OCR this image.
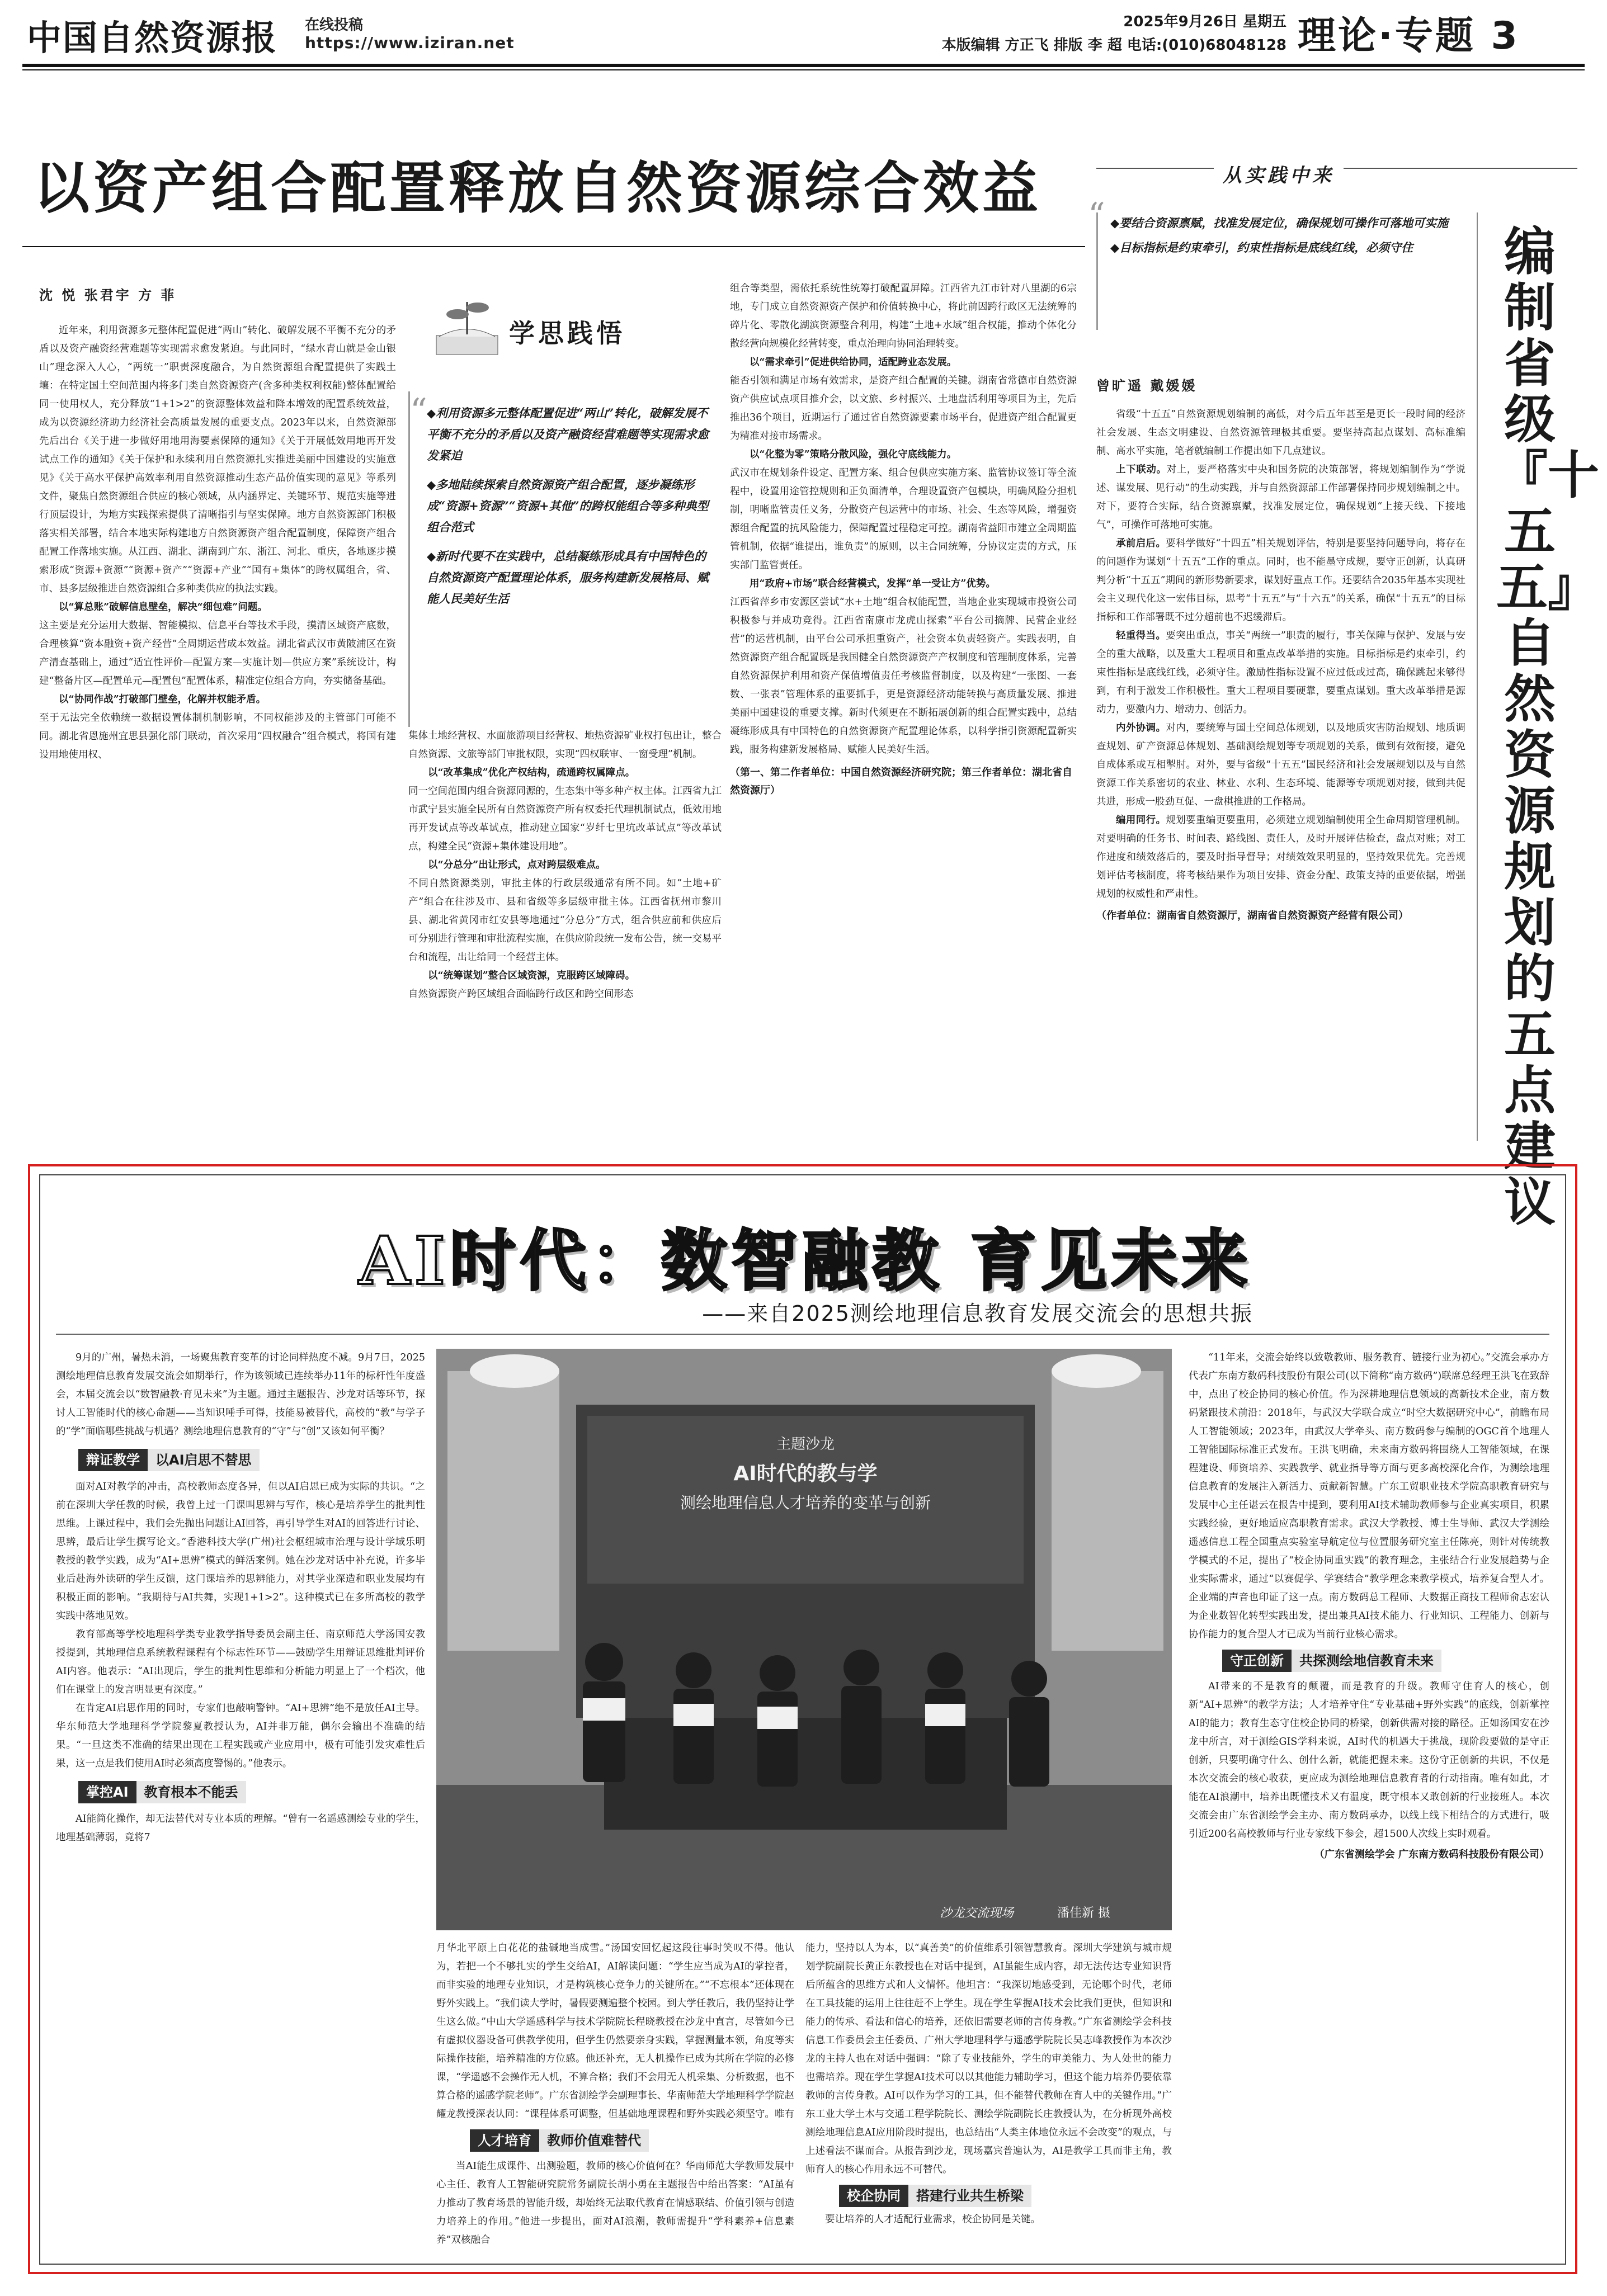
中国自然资源报 在线投稿
https://www.iziran.net
2025年9月26日 星期五
本版编辑 方正飞 排版 李 超 电话:(010)68048128 理论·专题 3
以资产组合配置释放自然资源综合效益
沈 悦 张君宇 方 菲
近年来，利用资源多元整体配置促进“两山”转化、破解发展不平衡不充分的矛盾以及资产融资经营难题等实现需求愈发紧迫。与此同时，“绿水青山就是金山银山”理念深入人心，“两统一”职责深度融合，为自然资源组合配置提供了实践土壤：在特定国土空间范围内将多门类自然资源资产(含多种类权利权能)整体配置给同一使用权人，充分释放“1+1>2”的资源整体效益和降本增效的配置系统效益，成为以资源经济助力经济社会高质量发展的重要支点。2023年以来，自然资源部先后出台《关于进一步做好用地用海要素保障的通知》《关于开展低效用地再开发试点工作的通知》《关于保护和永续利用自然资源扎实推进美丽中国建设的实施意见》《关于高水平保护高效率利用自然资源推动生态产品价值实现的意见》等系列文件，聚焦自然资源组合供应的核心领域，从内涵界定、关键环节、规范实施等进行顶层设计，为地方实践探索提供了清晰指引与坚实保障。地方自然资源部门积极落实相关部署，结合本地实际构建地方自然资源资产组合配置制度，保障资产组合配置工作落地实施。从江西、湖北、湖南到广东、浙江、河北、重庆，各地逐步摸索形成“资源+资源”“资源+资产”“资源+产业”“国有+集体”的跨权属组合，省、市、县多层级推进自然资源组合多种类供应的执法实践。
以“算总账”破解信息壁垒，解决“细包难”问题。
这主要是充分运用大数据、智能模拟、信息平台等技术手段，摸清区域资产底数，合理核算“资本融资+资产经营”全周期运营成本效益。湖北省武汉市黄陂浦区在资产清查基础上，通过“适宜性评价—配置方案—实施计划—供应方案”系统设计，构建“整备片区—配置单元—配置包”配置体系，精准定位组合方向，夯实储备基础。
以“协同作战”打破部门壁垒，化解并权能矛盾。
至于无法完全依赖统一数据设置体制机制影响，不同权能涉及的主管部门可能不同。湖北省恩施州宜思县强化部门联动，首次采用“四权融合”组合模式，将国有建设用地使用权、
学思践悟
“ ◆利用资源多元整体配置促进“两山”转化，破解发展不平衡不充分的矛盾以及资产融资经营难题等实现需求愈发紧迫
◆多地陆续探索自然资源资产组合配置，逐步凝练形成“资源+资源”“资源+其他”的跨权能组合等多种典型组合范式
◆新时代要不在实践中，总结凝练形成具有中国特色的自然资源资产配置理论体系，服务构建新发展格局、赋能人民美好生活
集体土地经营权、水面旅游项目经营权、地热资源矿业权打包出让，整合自然资源、文旅等部门审批权限，实现“四权联审、一窗受理”机制。
以“改革集成”优化产权结构，疏通跨权属障点。
同一空间范围内组合资源同源的，生态集中等多种产权主体。江西省九江市武宁县实施全民所有自然资源资产所有权委托代理机制试点，低效用地再开发试点等改革试点，推动建立国家“岁纤七里坑改革试点”等改革试点，构建全民“资源+集体建设用地”。
以“分总分”出让形式，点对跨层级难点。
不同自然资源类别，审批主体的行政层级通常有所不同。如“土地+矿产”组合在往涉及市、县和省级等多层级审批主体。江西省抚州市黎川县、湖北省黄冈市红安县等地通过“分总分”方式，组合供应前和供应后可分别进行管理和审批流程实施，在供应阶段统一发布公告，统一交易平台和流程，出让给同一个经营主体。
以“统筹谋划”整合区域资源，克服跨区域障碍。
自然资源资产跨区域组合面临跨行政区和跨空间形态
组合等类型，需依托系统性统筹打破配置屏障。江西省九江市针对八里湖的6宗地，专门成立自然资源资产保护和价值转换中心，将此前因跨行政区无法统筹的碎片化、零散化湖滨资源整合利用，构建“土地+水域”组合权能，推动个体化分散经营向规模化经营转变，重点治理向协同治理转变。
以“需求牵引”促进供给协同，适配跨业态发展。
能否引领和满足市场有效需求，是资产组合配置的关键。湖南省常德市自然资源资产供应试点项目推介会，以文旅、乡村振兴、土地盘活利用等项目为主，先后推出36个项目，近期运行了通过省自然资源要素市场平台，促进资产组合配置更为精准对接市场需求。
以“化整为零”策略分散风险，强化守底线能力。
武汉市在规划条件设定、配置方案、组合包供应实施方案、监管协议签订等全流程中，设置用途管控规则和正负面清单，合理设置资产包模块，明确风险分担机制，明晰监管责任义务，分散资产包运营中的市场、社会、生态等风险，增强资源组合配置的抗风险能力，保障配置过程稳定可控。湖南省益阳市建立全周期监管机制，依据“谁提出，谁负责”的原则，以主合同统筹，分协议定责的方式，压实部门监管责任。
用“政府+市场”联合经营模式，发挥“单一受让方”优势。
江西省萍乡市安源区尝试“水+土地”组合权能配置，当地企业实现城市投资公司积极参与并成功竞得。江西省南康市龙虎山探索“平台公司摘牌、民营企业经营”的运营机制，由平台公司承担重资产，社会资本负责轻资产。实践表明，自然资源资产组合配置既是我国健全自然资源资产产权制度和管理制度体系，完善自然资源保护利用和资产保值增值责任考核监督制度，以及构建“一张图、一套数、一张表”管理体系的重要抓手，更是资源经济动能转换与高质量发展、推进美丽中国建设的重要支撑。新时代须更在不断拓展创新的组合配置实践中，总结凝练形成具有中国特色的自然资源资产配置理论体系，以科学指引资源配置新实践，服务构建新发展格局、赋能人民美好生活。
（第一、第二作者单位：中国自然资源经济研究院；第三作者单位：湖北省自然资源厅）
从实践中来
“ ◆要结合资源禀赋，找准发展定位，确保规划可操作可落地可实施
◆目标指标是约束牵引，约束性指标是底线红线，必须守住	编制省级『十五五』自然资源规划的五点建议
曾旷遥 戴媛媛
省级“十五五”自然资源规划编制的高低，对今后五年甚至是更长一段时间的经济社会发展、生态文明建设、自然资源管理极其重要。要坚持高起点谋划、高标准编制、高水平实施，笔者就编制工作提出如下几点建议。
上下联动。对上，要严格落实中央和国务院的决策部署，将规划编制作为“学说述、谋发展、见行动”的生动实践，并与自然资源部工作部署保持同步规划编制之中。对下，要符合实际，结合资源禀赋，找准发展定位，确保规划“上接天线、下接地气”，可操作可落地可实施。
承前启后。要科学做好“十四五”相关规划评估，特别是要坚持问题导向，将存在的问题作为谋划“十五五”工作的重点。同时，也不能墨守成规，要守正创新，认真研判分析“十五五”期间的新形势新要求，谋划好重点工作。还要结合2035年基本实现社会主义现代化这一宏伟目标，思考“十五五”与“十六五”的关系，确保“十五五”的目标指标和工作部署既不过分超前也不迟缓滞后。
轻重得当。要突出重点，事关“两统一”职责的履行，事关保障与保护、发展与安全的重大战略，以及重大工程项目和重点改革举措的实施。目标指标是约束牵引，约束性指标是底线红线，必须守住。激励性指标设置不应过低或过高，确保跳起来够得到，有利于激发工作积极性。重大工程项目要硬靠，要重点谋划。重大改革举措是源动力，要激内力、增动力、创活力。
内外协调。对内，要统筹与国土空间总体规划，以及地质灾害防治规划、地质调查规划、矿产资源总体规划、基础测绘规划等专项规划的关系，做到有效衔接，避免自成体系或互相掣肘。对外，要与省级“十五五”国民经济和社会发展规划以及与自然资源工作关系密切的农业、林业、水利、生态环境、能源等专项规划对接，做到共促共进，形成一股劲互促、一盘棋推进的工作格局。
编用同行。规划要重编更要重用，必须建立规划编制使用全生命周期管理机制。对要明确的任务书、时间表、路线图、责任人，及时开展评估检查，盘点对账；对工作进度和绩效落后的，要及时指导督导；对绩效效果明显的，坚持效果优先。完善规划评估考核制度，将考核结果作为项目安排、资金分配、政策支持的重要依据，增强规划的权威性和严肃性。
（作者单位：湖南省自然资源厅，湖南省自然资源资产经营有限公司）
AI时代：数智融教 育见未来
——来自2025测绘地理信息教育发展交流会的思想共振
9月的广州，暑热未消，一场聚焦教育变革的讨论同样热度不减。9月7日，2025测绘地理信息教育发展交流会如期举行，作为该领域已连续举办11年的标杆性年度盛会，本届交流会以“数智融教·育见未来”为主题。通过主题报告、沙龙对话等环节，探讨人工智能时代的核心命题——当知识唾手可得，技能易被替代，高校的“教”与学子的“学”面临哪些挑战与机遇？测绘地理信息教育的“守”与“创”又该如何平衡？
辩证教学	以AI启思不替思
面对AI对教学的冲击，高校教师态度各异，但以AI启思已成为实际的共识。“之前在深圳大学任教的时候，我曾上过一门课叫思辨与写作，核心是培养学生的批判性思维。上课过程中，我们会先抛出问题让AI回答，再引导学生对AI的回答进行讨论、思辨，最后让学生撰写论文。”香港科技大学(广州)社会枢纽城市治理与设计学域乐明教授的教学实践，成为“AI+思辨”模式的鲜活案例。她在沙龙对话中补充说，许多毕业后赴海外读研的学生反馈，这门课培养的思辨能力，对其学业深造和职业发展均有积极正面的影响。“我期待与AI共舞，实现1+1>2”。这种模式已在多所高校的教学实践中落地见效。
教育部高等学校地理科学类专业教学指导委员会副主任、南京师范大学汤国安教授提到，其地理信息系统教程课程有个标志性环节——鼓励学生用辩证思维批判评价AI内容。他表示：“AI出现后，学生的批判性思维和分析能力明显上了一个档次，他们在课堂上的发言明显更有深度。”
在肯定AI启思作用的同时，专家们也敲响警钟。“AI+思辨”绝不是放任AI主导。华东师范大学地理科学学院黎夏教授认为，AI并非万能，偶尔会输出不准确的结果。“一旦这类不准确的结果出现在工程实践或产业应用中，极有可能引发灾难性后果，这一点是我们使用AI时必须高度警惕的。”他表示。
掌控AI	教育根本不能丢
AI能简化操作，却无法替代对专业本质的理解。“曾有一名遥感测绘专业的学生，地理基础薄弱，竟将7
主题沙龙
AI时代的教与学
测绘地理信息人才培养的变革与创新
沙龙交流现场	潘佳新 摄
月华北平原上白花花的盐碱地当成雪。”汤国安回忆起这段往事时笑叹不得。他认为，若把一个不够扎实的学生交给AI，AI解读问题：“学生应当成为AI的掌控者，而非实验的地理专业知识，才是构筑核心竞争力的关键所在。”“不忘根本”还体现在野外实践上。“我们读大学时，暑假要测遍整个校园。到大学任教后，我仍坚持让学生这么做。”中山大学遥感科学与技术学院院长程晓教授在沙龙中直言，尽管如今已有虚拟仪器设备可供教学使用，但学生仍然要亲身实践，掌握测量本领，角度等实际操作技能，培养精准的方位感。他还补充，无人机操作已成为其所在学院的必修课，“学遥感不会操作无人机，不算合格；我们不会用无人机采集、分析数据，也不算合格的遥感学院老师”。广东省测绘学会副理事长、华南师范大学地理科学学院赵耀龙教授深表认同：“课程体系可调整，但基础地理课程和野外实践必须坚守。唯有
人才培育	教师价值难替代
当AI能生成课件、出测验题，教师的核心价值何在？华南师范大学教师发展中心主任、教育人工智能研究院常务副院长胡小勇在主题报告中给出答案：“AI虽有力推动了教育场景的智能升级，却始终无法取代教育在情感联结、价值引领与创造力培养上的作用。”他进一步提出，面对AI浪潮，教师需提升“学科素养+信息素养”双核融合
能力，坚持以人为本，以“真善美”的价值维系引领智慧教育。深圳大学建筑与城市规划学院副院长黄正东教授也在对话中提到，AI虽能生成内容，却无法传达专业知识背后所蕴含的思维方式和人文情怀。他坦言：“我深切地感受到，无论哪个时代，老师在工具技能的运用上往往赶不上学生。现在学生掌握AI技术会比我们更快，但知识和能力的传承、看法和信心的培养，还依旧需要老师的言传身教。”广东省测绘学会科技信息工作委员会主任委员、广州大学地理科学与遥感学院院长吴志峰教授作为本次沙龙的主持人也在对话中强调：“除了专业技能外，学生的审美能力、为人处世的能力也需培养。现在学生掌握AI技术可以以其他能力辅助学习，但这个能力培养仍要依靠教师的言传身教。AI可以作为学习的工具，但不能替代教师在育人中的关键作用。”广东工业大学土木与交通工程学院院长、测绘学院副院长庄教授认为，在分析现外高校测绘地理信息AI应用阶段时提出，也总结出“人类主体地位永远不会改变”的观点，与上述看法不谋而合。从报告到沙龙，现场嘉宾普遍认为，AI是教学工具而非主角，教师育人的核心作用永远不可替代。
校企协同	搭建行业共生桥梁
要让培养的人才适配行业需求，校企协同是关键。
“11年来，交流会始终以致敬教师、服务教育、链接行业为初心。”交流会承办方代表广东南方数码科技股份有限公司(以下简称“南方数码”)联席总经理王洪飞在致辞中，点出了校企协同的核心价值。作为深耕地理信息领域的高新技术企业，南方数码紧跟技术前沿：2018年，与武汉大学联合成立“时空大数据研究中心”，前瞻布局人工智能领域；2023年，由武汉大学牵头、南方数码参与编制的OGC首个地理人工智能国际标准正式发布。王洪飞明确，未来南方数码将围绕人工智能领域，在课程建设、师资培养、实践教学、就业指导等方面与更多高校深化合作，为测绘地理信息教育的发展注入新活力、贡献新智慧。广东工贸职业技术学院高职教育研究与发展中心主任谌云在报告中提到，要利用AI技术辅助教师参与企业真实项目，积累实践经验，更好地适应高职教育需求。武汉大学教授、博士生导师、武汉大学测绘遥感信息工程全国重点实验室导航定位与位置服务研究室主任陈亮，则针对传统教学模式的不足，提出了“校企协同重实践”的教育理念，主张结合行业发展趋势与企业实际需求，通过“以赛促学、学赛结合”教学理念来教学模式，培养复合型人才。企业端的声音也印证了这一点。南方数码总工程师、大数据正商技工程师俞志宏认为企业数智化转型实践出发，提出兼具AI技术能力、行业知识、工程能力、创新与协作能力的复合型人才已成为当前行业核心需求。
守正创新	共探测绘地信教育未来
AI带来的不是教育的颠覆，而是教育的升级。教师守住育人的核心，创新“AI+思辨”的教学方法；人才培养守住“专业基础+野外实践”的底线，创新掌控AI的能力；教育生态守住校企协同的桥梁，创新供需对接的路径。正如汤国安在沙龙中所言，对于测绘GIS学科来说，AI时代的机遇大于挑战，现阶段要做的是守正创新，只要明确守什么、创什么新，就能把握未来。这份守正创新的共识，不仅是本次交流会的核心收获，更应成为测绘地理信息教育者的行动指南。唯有如此，才能在AI浪潮中，培养出既懂技术又有温度，既守根本又敢创新的行业接班人。本次交流会由广东省测绘学会主办、南方数码承办，以线上线下相结合的方式进行，吸引近200名高校教师与行业专家线下参会，超1500人次线上实时观看。
（广东省测绘学会 广东南方数码科技股份有限公司）
